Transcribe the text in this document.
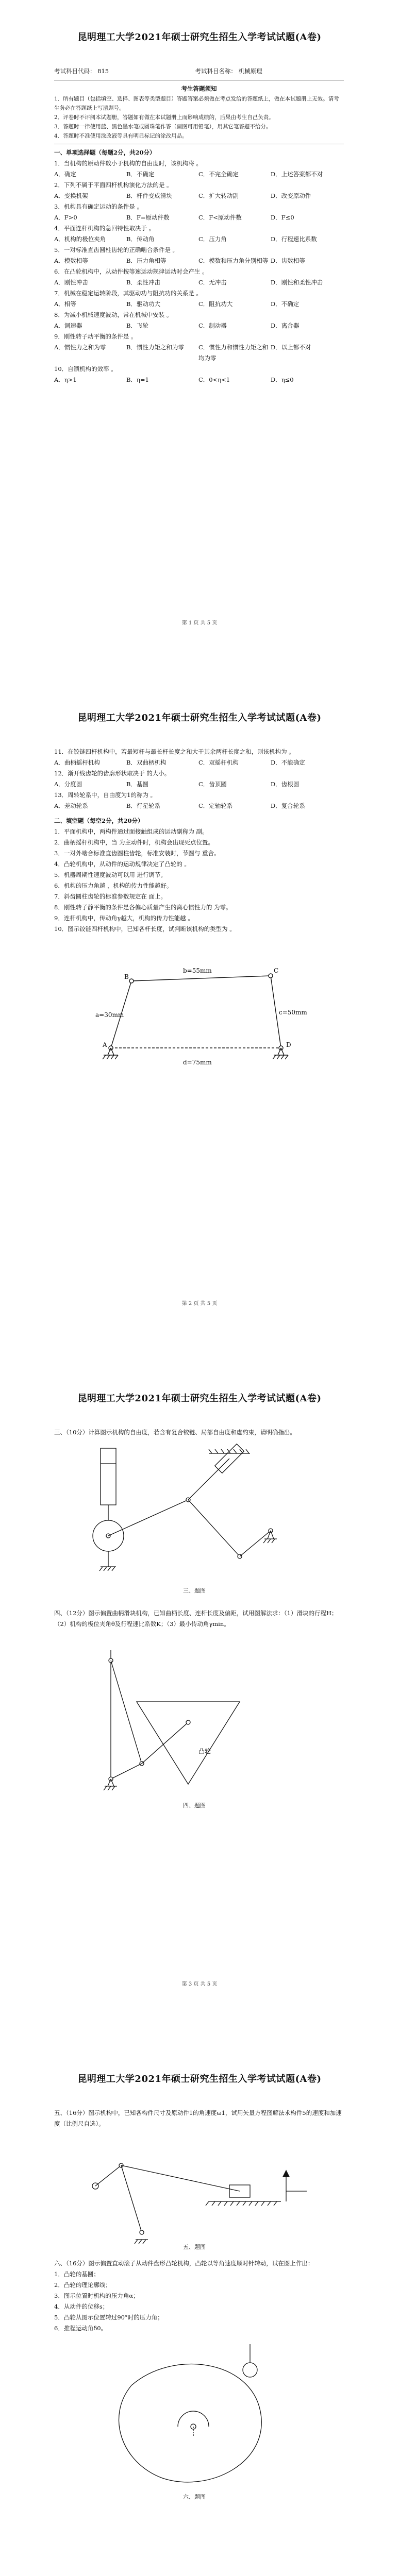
昆明理工大学2021年硕士研究生招生入学考试试题(A卷)

考试科目代码： 815	考试科目名称： 机械原理

考生答题须知

1．所有题目（包括填空、选择、图表等类型题目）答题答案必须做在考点发给的答题纸上，做在本试题册上无效。请考生务必在答题纸上写清题号。

2．评卷时不评阅本试题册，答题如有做在本试题册上而影响成绩的，后果由考生自己负责。

3．答题时一律使用蓝、黑色墨水笔或圆珠笔作答（画图可用铅笔），用其它笔答题不给分。

4．答题时不准使用涂改液等具有明显标记的涂改用品。

一、单项选择题（每题2分，共20分）

1．当机构的原动件数小于机构的自由度时，该机构将 。

A．确定	B．不确定	C．不完全确定	D．上述答案都不对

2．下列不属于平面四杆机构演化方法的是 。

A．变换机架	B．杆件变成滑块	C．扩大转动副	D．改变原动件

3．机构具有确定运动的条件是 。

A．F>0	B．F=原动件数	C．F<原动件数	D．F≤0

4．平面连杆机构的急回特性取决于 。

A．机构的极位夹角	B．传动角	C．压力角	D．行程速比系数

5．一对标准直齿圆柱齿轮的正确啮合条件是 。

A．模数相等	B．压力角相等	C．模数和压力角分别相等 D．齿数相等

6．在凸轮机构中，从动件按等速运动规律运动时会产生 。

A．刚性冲击	B．柔性冲击	C．无冲击	D．刚性和柔性冲击

7．机械在稳定运转阶段，其驱动功与阻抗功的关系是 。

A．相等	B．驱动功大	C．阻抗功大	D．不确定

8．为减小机械速度波动，常在机械中安装 。

A．调速器	B．飞轮	C．制动器	D．离合器

9．刚性转子动平衡的条件是 。

A．惯性力之和为零	B．惯性力矩之和为零	C．惯性力和惯性力矩之和均为零
D．以上都不对

10．自锁机构的效率 。

A．η>1	B．η=1	C．0<η<1	D．η≤0
第 1 页 共 5 页
昆明理工大学2021年硕士研究生招生入学考试试题(A卷)

11．在铰链四杆机构中，若最短杆与最长杆长度之和大于其余两杆长度之和，则该机构为 。

A．曲柄摇杆机构	B．双曲柄机构	C．双摇杆机构	D．不能确定

12．渐开线齿轮的齿廓形状取决于 的大小。

A．分度圆	B．基圆	C．齿顶圆	D．齿根圆

13．周转轮系中，自由度为1的称为 。

A．差动轮系	B．行星轮系	C．定轴轮系	D．复合轮系

二、填空题（每空2分，共20分）

1．平面机构中，两构件通过面接触组成的运动副称为 副。

2．曲柄摇杆机构中，当 为主动件时，机构会出现死点位置。

3．一对外啮合标准直齿圆柱齿轮，标准安装时，节圆与 重合。

4．凸轮机构中，从动件的运动规律决定了凸轮的 。

5．机器周期性速度波动可以用 进行调节。

6．机构的压力角越 ，机构的传力性能越好。

7．斜齿圆柱齿轮的标准参数规定在 面上。

8．刚性转子静平衡的条件是各偏心质量产生的离心惯性力的 为零。

9．连杆机构中，传动角γ越大，机构的传力性能越 。

10．图示铰链四杆机构中，已知各杆长度，试判断该机构的类型为 。

A
B
C
D
a=30mm
b=55mm
c=50mm
d=75mm
第 2 页 共 5 页
昆明理工大学2021年硕士研究生招生入学考试试题(A卷)

三、（10分）计算图示机构的自由度，若含有复合铰链、局部自由度和虚约束，请明确指出。

三、题图

四、（12分）图示偏置曲柄滑块机构，已知曲柄长度、连杆长度及偏距，试用图解法求：（1）滑块的行程H；（2）机构的极位夹角θ及行程速比系数K；（3）最小传动角γmin。

凸轮
四、题图
第 3 页 共 5 页
昆明理工大学2021年硕士研究生招生入学考试试题(A卷)

五、（16分）图示机构中，已知各构件尺寸及原动件1的角速度ω1，试用矢量方程图解法求构件5的速度和加速度（比例尺自选）。

五、题图

六、（16分）图示偏置直动滚子从动件盘形凸轮机构，凸轮以等角速度顺时针转动，试在图上作出：

1．凸轮的基圆；

2．凸轮的理论廓线；

3．图示位置时机构的压力角α；

4．从动件的位移s；

5．凸轮从图示位置转过90°时的压力角；

6．推程运动角δ0。

六、题图
